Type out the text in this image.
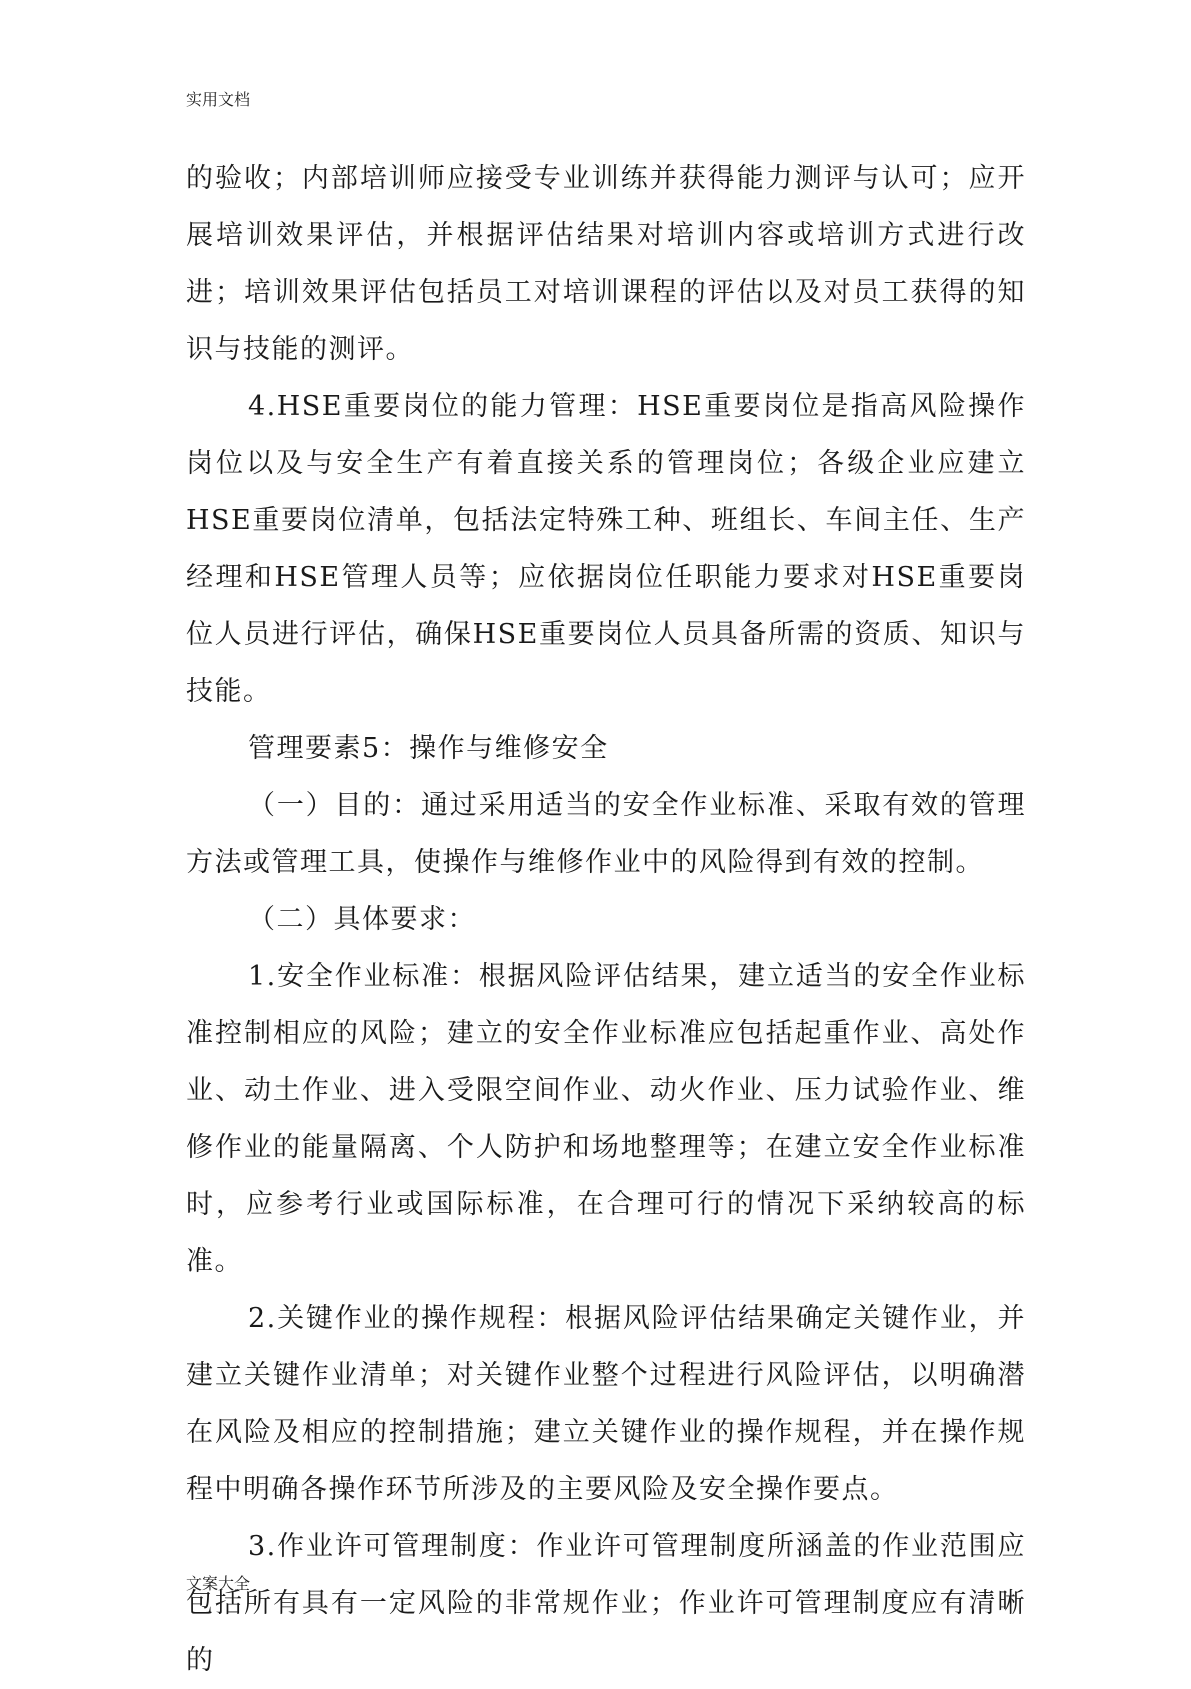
实用文档

的验收；内部培训师应接受专业训练并获得能力测评与认可；应开展培训效果评估，并根据评估结果对培训内容或培训方式进行改进；培训效果评估包括员工对培训课程的评估以及对员工获得的知识与技能的测评。

4.HSE重要岗位的能力管理：HSE重要岗位是指高风险操作岗位以及与安全生产有着直接关系的管理岗位；各级企业应建立HSE重要岗位清单，包括法定特殊工种、班组长、车间主任、生产经理和HSE管理人员等；应依据岗位任职能力要求对HSE重要岗位人员进行评估，确保HSE重要岗位人员具备所需的资质、知识与技能。

管理要素5：操作与维修安全

（一）目的：通过采用适当的安全作业标准、采取有效的管理方法或管理工具，使操作与维修作业中的风险得到有效的控制。

（二）具体要求：

1.安全作业标准：根据风险评估结果，建立适当的安全作业标准控制相应的风险；建立的安全作业标准应包括起重作业、高处作业、动土作业、进入受限空间作业、动火作业、压力试验作业、维修作业的能量隔离、个人防护和场地整理等；在建立安全作业标准时，应参考行业或国际标准，在合理可行的情况下采纳较高的标准。

2.关键作业的操作规程：根据风险评估结果确定关键作业，并建立关键作业清单；对关键作业整个过程进行风险评估，以明确潜在风险及相应的控制措施；建立关键作业的操作规程，并在操作规程中明确各操作环节所涉及的主要风险及安全操作要点。

3.作业许可管理制度：作业许可管理制度所涵盖的作业范围应包括所有具有一定风险的非常规作业；作业许可管理制度应有清晰的

文案大全
